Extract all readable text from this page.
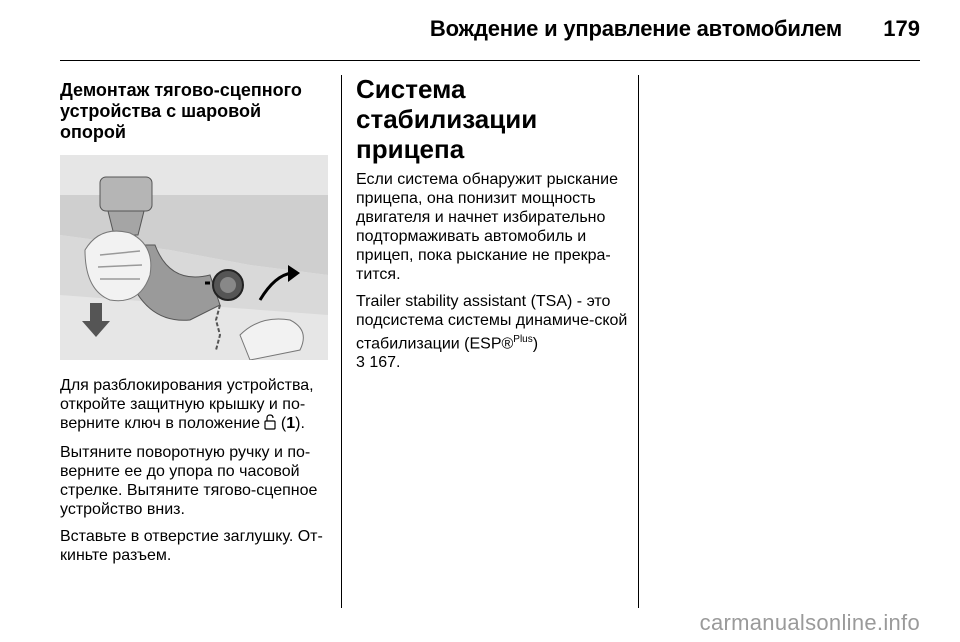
Вождение и управление автомобилем 179

Демонтаж тягово-сцепного устройства с шаровой опорой

Для разблокирования устройства, откройте защитную крышку и по-верните ключ в положение  (1).

Вытяните поворотную ручку и по-верните ее до упора по часовой стрелке. Вытяните тягово-сцепное устройство вниз.

Вставьте в отверстие заглушку. От-киньте разъем.

Система стабилизации прицепа

Если система обнаружит рыскание прицепа, она понизит мощность двигателя и начнет избирательно подтормаживать автомобиль и прицеп, пока рыскание не прекра-тится.

Trailer stability assistant (TSA) - это подсистема системы динамиче-ской стабилизации (ESP®$^{Plus}$)
3 167.

carmanualsonline.info
